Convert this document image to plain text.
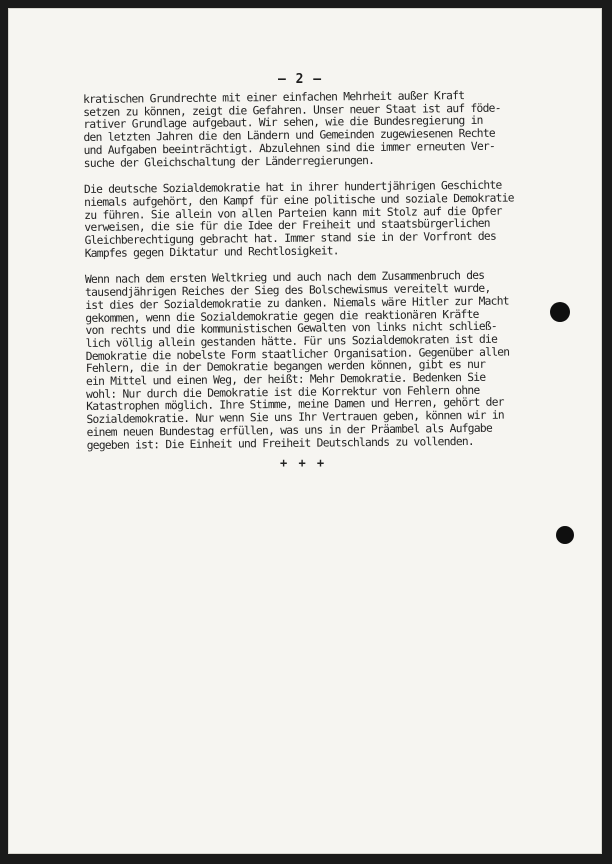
– 2 –
kratischen Grundrechte mit einer einfachen Mehrheit außer Kraft
setzen zu können, zeigt die Gefahren. Unser neuer Staat ist auf föde-
rativer Grundlage aufgebaut. Wir sehen, wie die Bundesregierung in
den letzten Jahren die den Ländern und Gemeinden zugewiesenen Rechte
und Aufgaben beeinträchtigt. Abzulehnen sind die immer erneuten Ver-
suche der Gleichschaltung der Länderregierungen.
Die deutsche Sozialdemokratie hat in ihrer hundertjährigen Geschichte
niemals aufgehört, den Kampf für eine politische und soziale Demokratie
zu führen. Sie allein von allen Parteien kann mit Stolz auf die Opfer
verweisen, die sie für die Idee der Freiheit und staatsbürgerlichen
Gleichberechtigung gebracht hat. Immer stand sie in der Vorfront des
Kampfes gegen Diktatur und Rechtlosigkeit.
Wenn nach dem ersten Weltkrieg und auch nach dem Zusammenbruch des
tausendjährigen Reiches der Sieg des Bolschewismus vereitelt wurde,
ist dies der Sozialdemokratie zu danken. Niemals wäre Hitler zur Macht
gekommen, wenn die Sozialdemokratie gegen die reaktionären Kräfte
von rechts und die kommunistischen Gewalten von links nicht schließ-
lich völlig allein gestanden hätte. Für uns Sozialdemokraten ist die
Demokratie die nobelste Form staatlicher Organisation. Gegenüber allen
Fehlern, die in der Demokratie begangen werden können, gibt es nur
ein Mittel und einen Weg, der heißt: Mehr Demokratie. Bedenken Sie
wohl: Nur durch die Demokratie ist die Korrektur von Fehlern ohne
Katastrophen möglich. Ihre Stimme, meine Damen und Herren, gehört der
Sozialdemokratie. Nur wenn Sie uns Ihr Vertrauen geben, können wir in
einem neuen Bundestag erfüllen, was uns in der Präambel als Aufgabe
gegeben ist: Die Einheit und Freiheit Deutschlands zu vollenden.
+ + +
